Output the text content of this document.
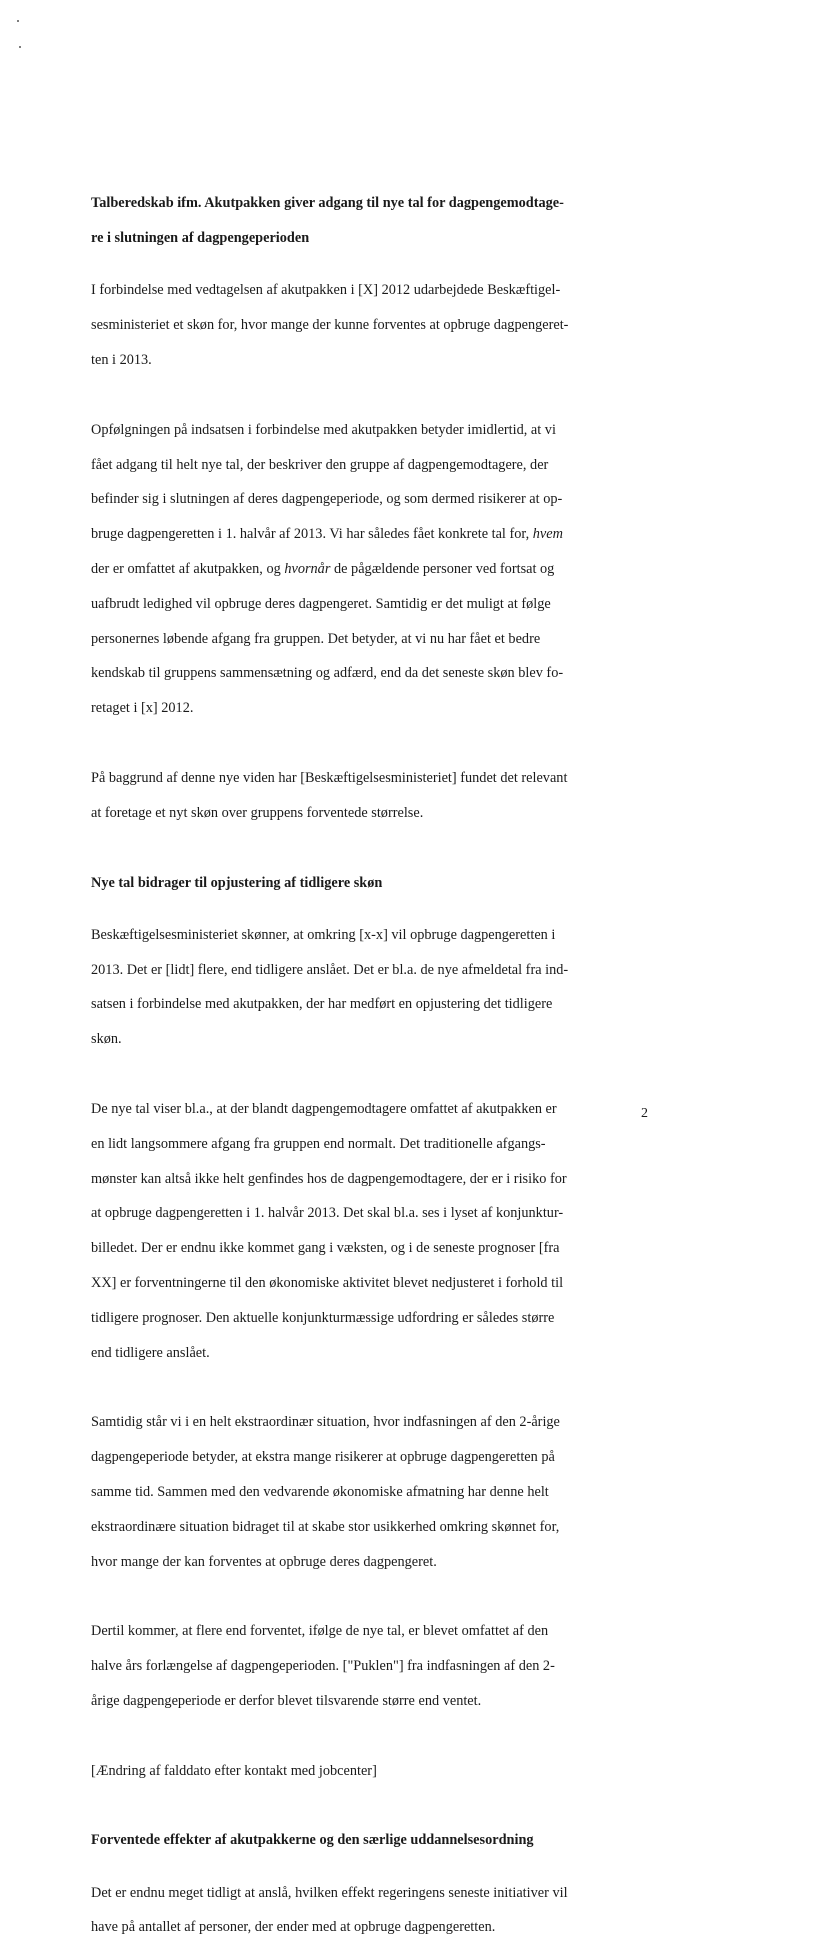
Talberedskab ifm. Akutpakken giver adgang til nye tal for dagpengemodtage-

re i slutningen af dagpengeperioden

I forbindelse med vedtagelsen af akutpakken i [X] 2012 udarbejdede Beskæftigel-

sesministeriet et skøn for, hvor mange der kunne forventes at opbruge dagpengeret-

ten i 2013.

Opfølgningen på indsatsen i forbindelse med akutpakken betyder imidlertid, at vi

fået adgang til helt nye tal, der beskriver den gruppe af dagpengemodtagere, der

befinder sig i slutningen af deres dagpengeperiode, og som dermed risikerer at op-

bruge dagpengeretten i 1. halvår af 2013. Vi har således fået konkrete tal for, hvem

der er omfattet af akutpakken, og hvornår de pågældende personer ved fortsat og

uafbrudt ledighed vil opbruge deres dagpengeret. Samtidig er det muligt at følge

personernes løbende afgang fra gruppen. Det betyder, at vi nu har fået et bedre

kendskab til gruppens sammensætning og adfærd, end da det seneste skøn blev fo-

retaget i [x] 2012.

På baggrund af denne nye viden har [Beskæftigelsesministeriet] fundet det relevant

at foretage et nyt skøn over gruppens forventede størrelse.

Nye tal bidrager til opjustering af tidligere skøn

Beskæftigelsesministeriet skønner, at omkring [x-x] vil opbruge dagpengeretten i

2013. Det er [lidt] flere, end tidligere anslået. Det er bl.a. de nye afmeldetal fra ind-

satsen i forbindelse med akutpakken, der har medført en opjustering det tidligere

skøn.

De nye tal viser bl.a., at der blandt dagpengemodtagere omfattet af akutpakken er

en lidt langsommere afgang fra gruppen end normalt. Det traditionelle afgangs-

mønster kan altså ikke helt genfindes hos de dagpengemodtagere, der er i risiko for

at opbruge dagpengeretten i 1. halvår 2013. Det skal bl.a. ses i lyset af konjunktur-

billedet. Der er endnu ikke kommet gang i væksten, og i de seneste prognoser [fra

XX] er forventningerne til den økonomiske aktivitet blevet nedjusteret i forhold til

tidligere prognoser. Den aktuelle konjunkturmæssige udfordring er således større

end tidligere anslået.

Samtidig står vi i en helt ekstraordinær situation, hvor indfasningen af den 2-årige

dagpengeperiode betyder, at ekstra mange risikerer at opbruge dagpengeretten på

samme tid. Sammen med den vedvarende økonomiske afmatning har denne helt

ekstraordinære situation bidraget til at skabe stor usikkerhed omkring skønnet for,

hvor mange der kan forventes at opbruge deres dagpengeret.

Dertil kommer, at flere end forventet, ifølge de nye tal, er blevet omfattet af den

halve års forlængelse af dagpengeperioden. ["Puklen"] fra indfasningen af den 2-

årige dagpengeperiode er derfor blevet tilsvarende større end ventet.

[Ændring af falddato efter kontakt med jobcenter]

Forventede effekter af akutpakkerne og den særlige uddannelsesordning

Det er endnu meget tidligt at anslå, hvilken effekt regeringens seneste initiativer vil

have på antallet af personer, der ender med at opbruge dagpengeretten.

2
